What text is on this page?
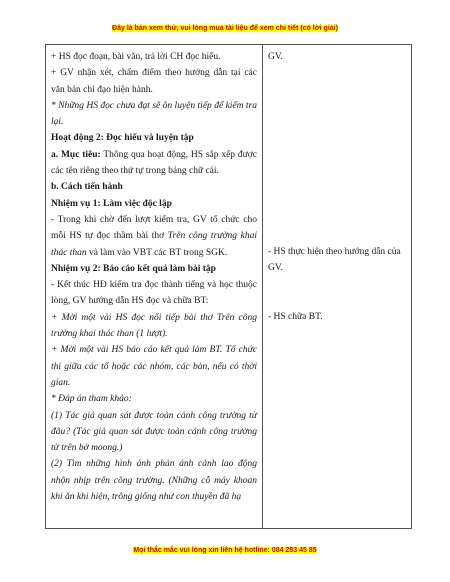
Đây là bản xem thử, vui lòng mua tài liệu để xem chi tiết (có lời giải)

+ HS đọc đoạn, bài văn, trả lời CH đọc hiểu.

+ GV nhận xét, chấm điểm theo hướng dẫn tại các văn bản chỉ đạo hiện hành.

* Những HS đọc chưa đạt sẽ ôn luyện tiếp để kiểm tra lại.

Hoạt động 2: Đọc hiểu và luyện tập

a. Mục tiêu: Thông qua hoạt động, HS sắp xếp được các tên riêng theo thứ tự trong bảng chữ cái.

b. Cách tiến hành

Nhiệm vụ 1: Làm việc độc lập

- Trong khi chờ đến lượt kiểm tra, GV tổ chức cho mỗi HS tự đọc thầm bài thơ Trên công trường khai thác than và làm vào VBT các BT trong SGK.

Nhiệm vụ 2: Báo cáo kết quả làm bài tập

- Kết thúc HĐ kiểm tra đọc thành tiếng và học thuộc lòng, GV hướng dẫn HS đọc và chữa BT:

+ Mời một vài HS đọc nối tiếp bài thơ Trên công trường khai thác than (1 lượt).

+ Mời một vài HS báo cáo kết quả làm BT. Tổ chức thi giữa các tổ hoặc các nhóm, các bàn, nếu có thời gian.

* Đáp án tham khảo:

(1) Tác giả quan sát được toàn cảnh công trường từ đâu? (Tác giả quan sát được toàn cảnh công trường từ trên bờ moong.)

(2) Tìm những hình ảnh phản ánh cảnh lao động nhộn nhịp trên công trường. (Những cỗ máy khoan khi ăn khi hiện, trông giống như con thuyền đã hạ

GV.

- HS thực hiện theo hướng dẫn của GV.

- HS chữa BT.

Mọi thắc mắc vui lòng xin liên hệ hotline: 084 283 45 85
